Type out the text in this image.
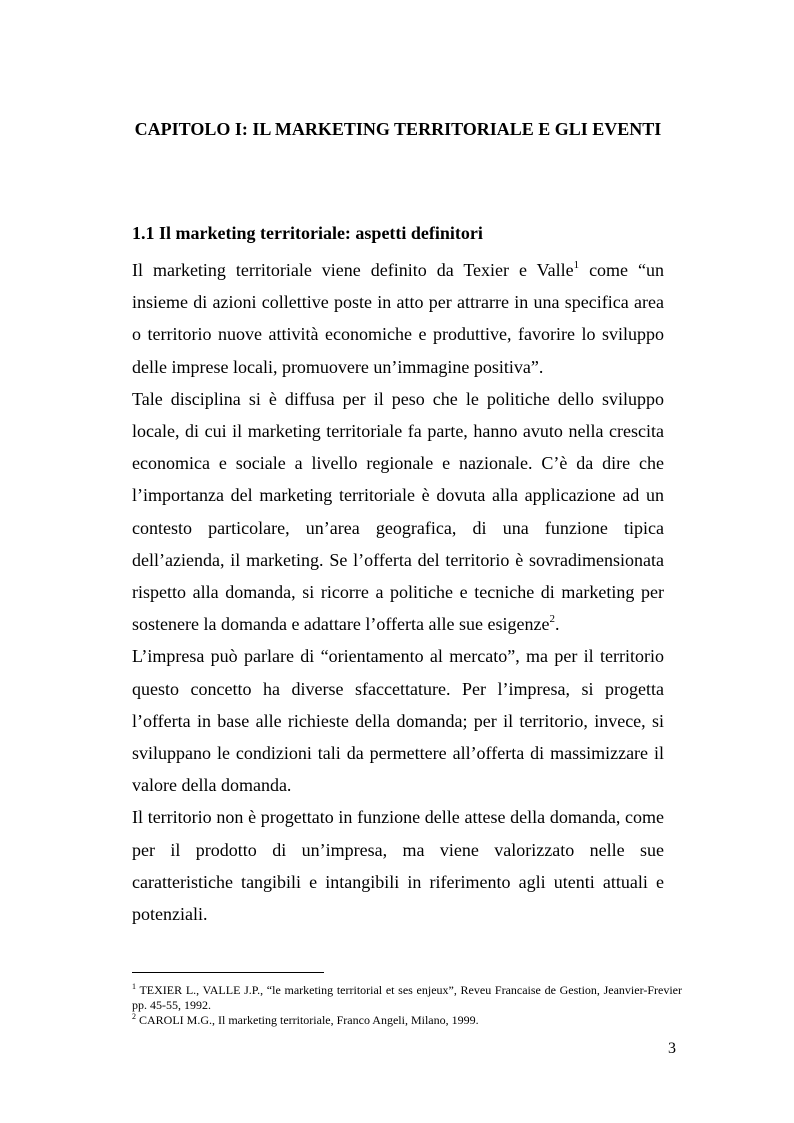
CAPITOLO I: IL MARKETING TERRITORIALE E GLI EVENTI
1.1 Il marketing territoriale: aspetti definitori

Il marketing territoriale viene definito da Texier e Valle$^1$ come “un insieme di azioni collettive poste in atto per attrarre in una specifica area o territorio nuove attività economiche e produttive, favorire lo sviluppo delle imprese locali, promuovere un’immagine positiva”.

Tale disciplina si è diffusa per il peso che le politiche dello sviluppo locale, di cui il marketing territoriale fa parte, hanno avuto nella crescita economica e sociale a livello regionale e nazionale. C’è da dire che l’importanza del marketing territoriale è dovuta alla applicazione ad un contesto particolare, un’area geografica, di una funzione tipica dell’azienda, il marketing. Se l’offerta del territorio è sovradimensionata rispetto alla domanda, si ricorre a politiche e tecniche di marketing per sostenere la domanda e adattare l’offerta alle sue esigenze$^2$.

L’impresa può parlare di “orientamento al mercato”, ma per il territorio questo concetto ha diverse sfaccettature. Per l’impresa, si progetta l’offerta in base alle richieste della domanda; per il territorio, invece, si sviluppano le condizioni tali da permettere all’offerta di massimizzare il valore della domanda.

Il territorio non è progettato in funzione delle attese della domanda, come per il prodotto di un’impresa, ma viene valorizzato nelle sue caratteristiche tangibili e intangibili in riferimento agli utenti attuali e potenziali.

$^1$ TEXIER L., VALLE J.P., “le marketing territorial et ses enjeux”, Reveu Francaise de Gestion, Jeanvier-Frevier pp. 45-55, 1992.

$^2$ CAROLI M.G., Il marketing territoriale, Franco Angeli, Milano, 1999.

3
